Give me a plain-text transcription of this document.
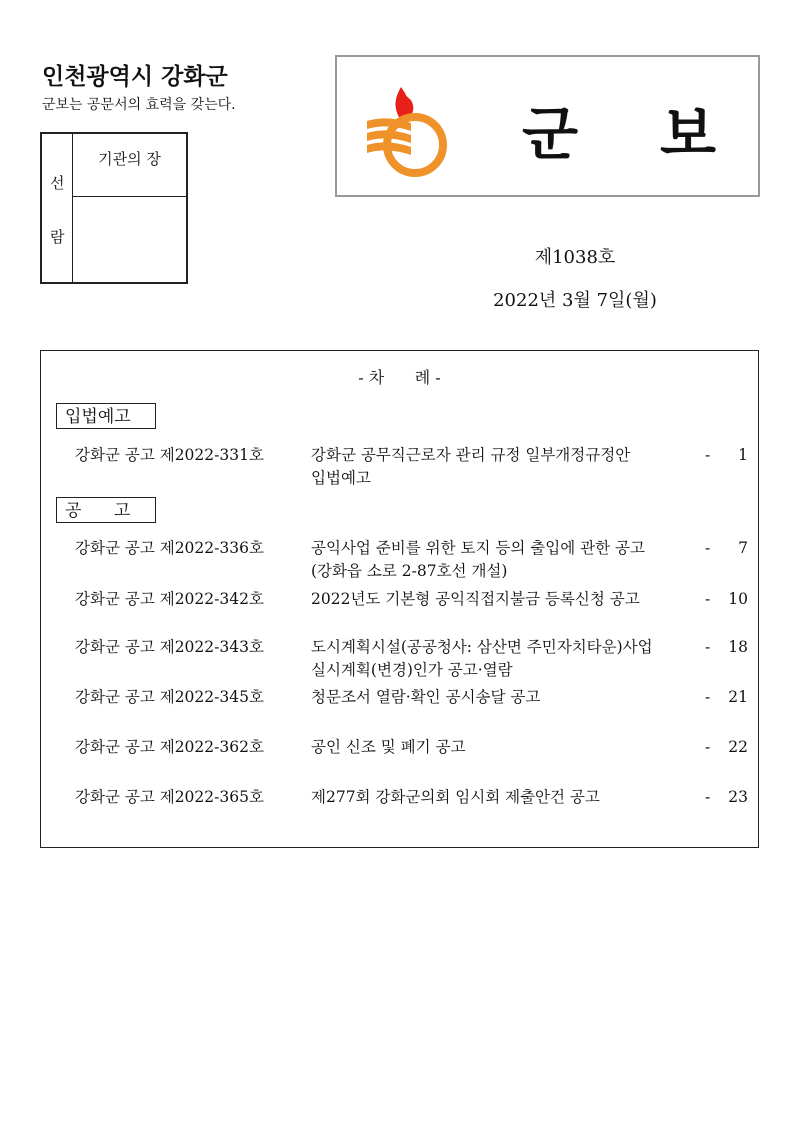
인천광역시 강화군
군보는 공문서의 효력을 갖는다.
선
람
기관의 장	군 보
제1038호
2022년 3월 7일(월)
- 차      례 -
입법예고
강화군 공고 제2022-331호	강화군 공무직근로자 관리 규정 일부개정규정안
입법예고
- 1
공      고
강화군 공고 제2022-336호	공익사업 준비를 위한 토지 등의 출입에 관한 공고
(강화읍 소로 2-87호선 개설)
- 7
강화군 공고 제2022-342호	2022년도 기본형 공익직접지불금 등록신청 공고	- 10
강화군 공고 제2022-343호	도시계획시설(공공청사: 삼산면 주민자치타운)사업
실시계획(변경)인가 공고·열람
- 18
강화군 공고 제2022-345호	청문조서 열람·확인 공시송달 공고	- 21
강화군 공고 제2022-362호	공인 신조 및 폐기 공고	- 22
강화군 공고 제2022-365호	제277회 강화군의회 임시회 제출안건 공고	- 23
